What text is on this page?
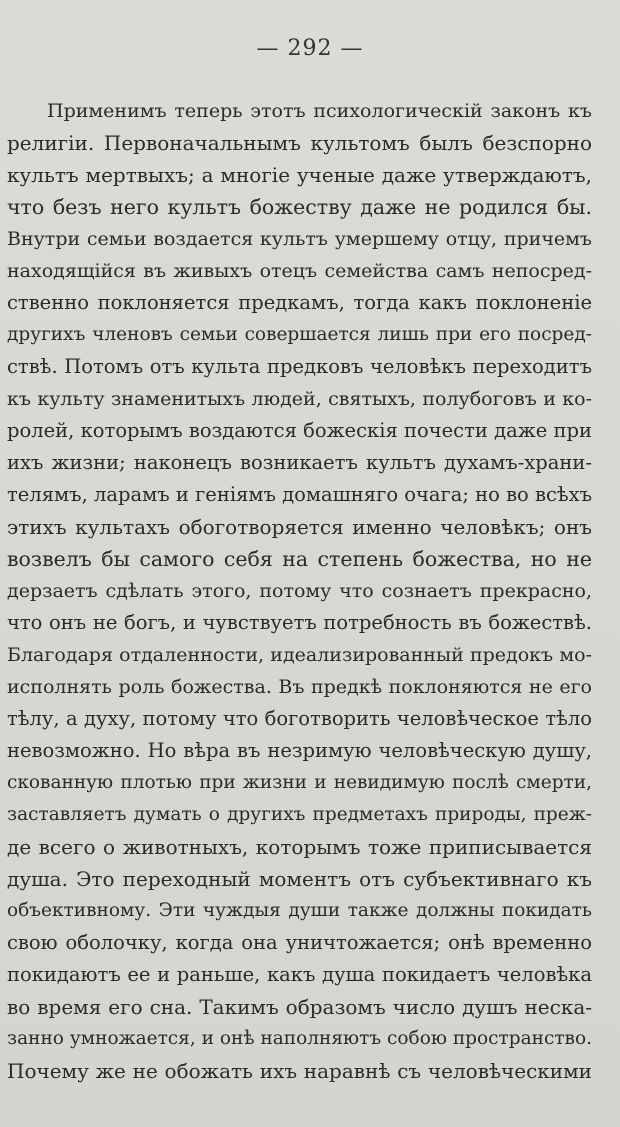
— 292 —
Применимъ теперь этотъ психологическій законъ къ
религіи. Первоначальнымъ культомъ былъ безспорно
культъ мертвыхъ; а многіе ученые даже утверждаютъ,
что безъ него культъ божеству даже не родился бы.
Внутри семьи воздается культъ умершему отцу, причемъ
находящійся въ живыхъ отецъ семейства самъ непосред-
ственно поклоняется предкамъ, тогда какъ поклоненіе
другихъ членовъ семьи совершается лишь при его посред-
ствѣ. Потомъ отъ культа предковъ человѣкъ переходитъ
къ культу знаменитыхъ людей, святыхъ, полубоговъ и ко-
ролей, которымъ воздаются божескія почести даже при
ихъ жизни; наконецъ возникаетъ культъ духамъ-храни-
телямъ, ларамъ и геніямъ домашняго очага; но во всѣхъ
этихъ культахъ обоготворяется именно человѣкъ; онъ
возвелъ бы самого себя на степень божества, но не
дерзаетъ сдѣлать этого, потому что сознаетъ прекрасно,
что онъ не богъ, и чувствуетъ потребность въ божествѣ.
Благодаря отдаленности, идеализированный предокъ мо-
исполнять роль божества. Въ предкѣ поклоняются не его
тѣлу, а духу, потому что боготворить человѣческое тѣло
невозможно. Но вѣра въ незримую человѣческую душу,
скованную плотью при жизни и невидимую послѣ смерти,
заставляетъ думать о другихъ предметахъ природы, преж-
де всего о животныхъ, которымъ тоже приписывается
душа. Это переходный моментъ отъ субъективнаго къ
объективному. Эти чуждыя души также должны покидать
свою оболочку, когда она уничтожается; онѣ временно
покидаютъ ее и раньше, какъ душа покидаетъ человѣка
во время его сна. Такимъ образомъ число душъ неска-
занно умножается, и онѣ наполняютъ собою пространство.
Почему же не обожать ихъ наравнѣ съ человѣческими
